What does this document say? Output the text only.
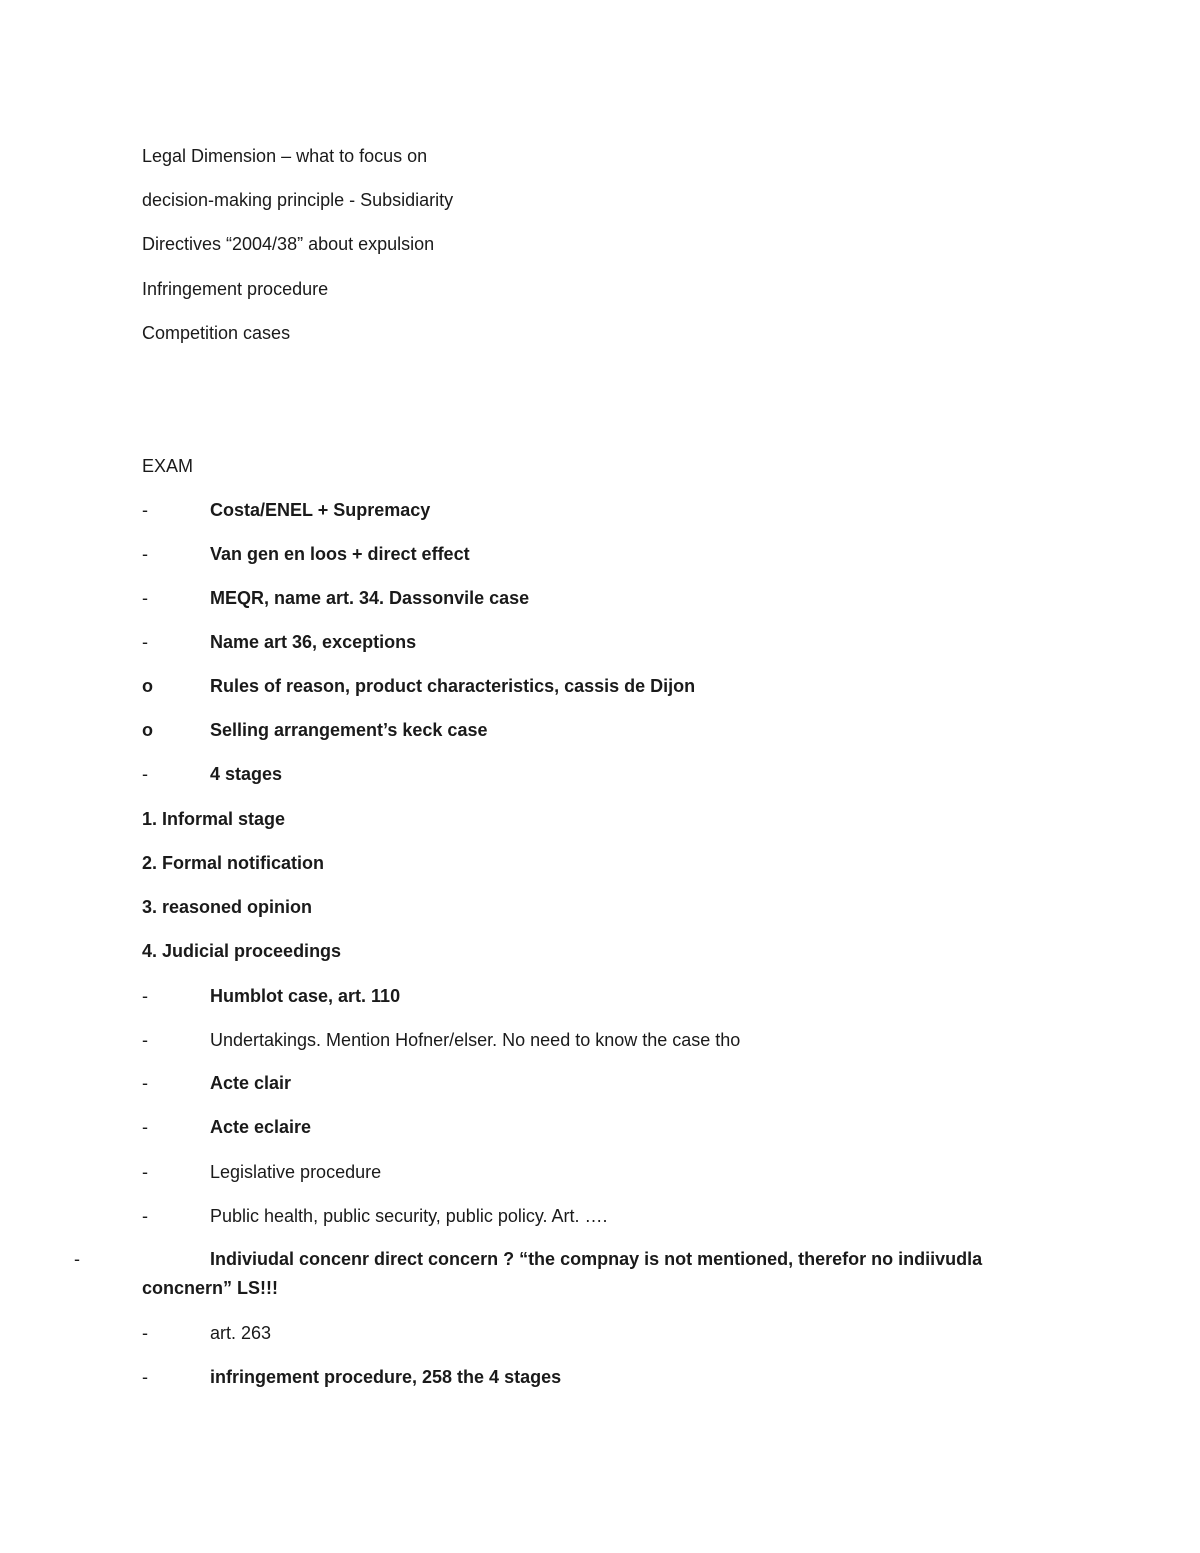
Legal Dimension – what to focus on
decision-making principle - Subsidiarity
Directives “2004/38” about expulsion
Infringement procedure
Competition cases
EXAM
-	Costa/ENEL + Supremacy
-	Van gen en loos + direct effect
-	MEQR, name art. 34. Dassonvile case
-	Name art 36, exceptions
o	Rules of reason, product characteristics, cassis de Dijon
o	Selling arrangement’s keck case
-	4 stages
1. Informal stage
2. Formal notification
3. reasoned opinion
4. Judicial proceedings
-	Humblot case, art. 110
-	Undertakings. Mention Hofner/elser. No need to know the case tho
-	Acte clair
-	Acte eclaire
-	Legislative procedure
-	Public health, public security, public policy. Art. ….
-	Indiviudal concenr direct concern ? “the compnay is not mentioned, therefor no indiivudla concnern” LS!!!
-	art. 263
-	infringement procedure, 258 the 4 stages
